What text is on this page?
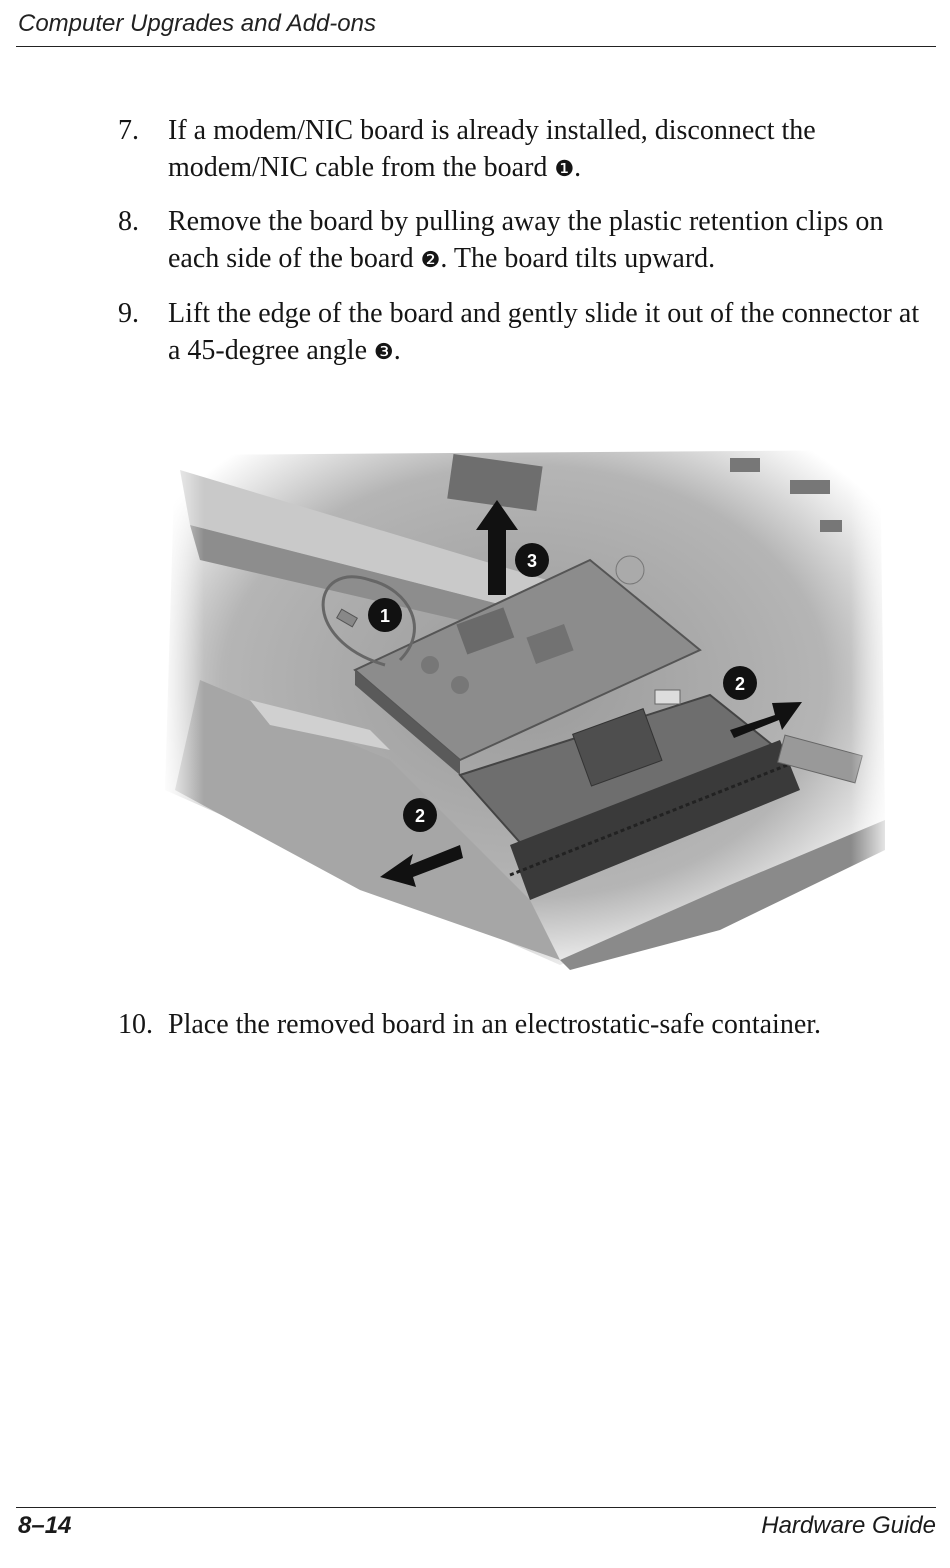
Computer Upgrades and Add-ons
7. If a modem/NIC board is already installed, disconnect the modem/NIC cable from the board ❶.
8. Remove the board by pulling away the plastic retention clips on each side of the board ❷. The board tilts upward.
9. Lift the edge of the board and gently slide it out of the connector at a 45-degree angle ❸.
10. Place the removed board in an electrostatic-safe container.
8–14	Hardware Guide
